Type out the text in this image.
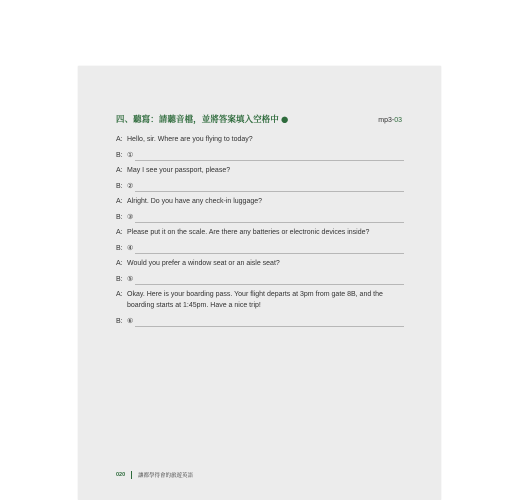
四、聽寫：請聽音檔，並將答案填入空格中 ●	mp3-03
A: Hello, sir. Where are you flying to today?
B: ①
A: May I see your passport, please?
B: ②
A: Alright. Do you have any check-in luggage?
B: ③
A: Please put it on the scale. Are there any batteries or electronic devices inside?
B: ④
A: Would you prefer a window seat or an aisle seat?
B: ⑤
A: Okay. Here is your boarding pass. Your flight departs at 3pm from gate 8B, and the boarding starts at 1:45pm. Have a nice trip!
B: ⑥
020 讓都學得會的旅遊英語
